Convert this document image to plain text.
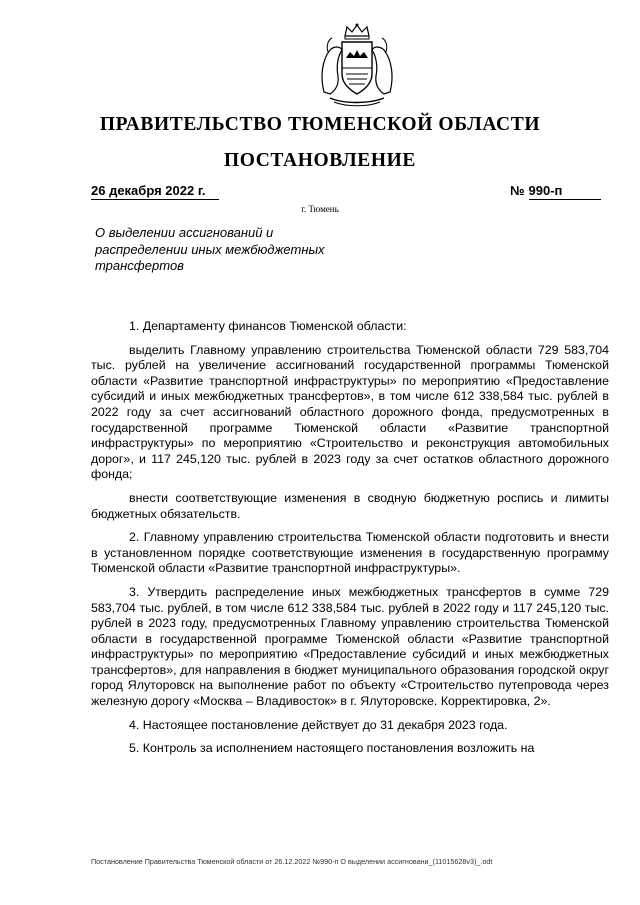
ПРАВИТЕЛЬСТВО ТЮМЕНСКОЙ ОБЛАСТИ
ПОСТАНОВЛЕНИЕ
26 декабря 2022 г.	№ 990-п
г. Тюмень
О выделении ассигнований и
распределении иных межбюджетных
трансфертов

1. Департаменту финансов Тюменской области:

выделить Главному управлению строительства Тюменской области 729 583,704 тыс. рублей на увеличение ассигнований государственной программы Тюменской области «Развитие транспортной инфраструктуры» по мероприятию «Предоставление субсидий и иных межбюджетных трансфертов», в том числе 612 338,584 тыс. рублей в 2022 году за счет ассигнований областного дорожного фонда, предусмотренных в государственной программе Тюменской области «Развитие транспортной инфраструктуры» по мероприятию «Строительство и реконструкция автомобильных дорог», и 117 245,120 тыс. рублей в 2023 году за счет остатков областного дорожного фонда;

внести соответствующие изменения в сводную бюджетную роспись и лимиты бюджетных обязательств.

2. Главному управлению строительства Тюменской области подготовить и внести в установленном порядке соответствующие изменения в государственную программу Тюменской области «Развитие транспортной инфраструктуры».

3. Утвердить распределение иных межбюджетных трансфертов в сумме 729 583,704 тыс. рублей, в том числе 612 338,584 тыс. рублей в 2022 году и 117 245,120 тыс. рублей в 2023 году, предусмотренных Главному управлению строительства Тюменской области в государственной программе Тюменской области «Развитие транспортной инфраструктуры» по мероприятию «Предоставление субсидий и иных межбюджетных трансфертов», для направления в бюджет муниципального образования городской округ город Ялуторовск на выполнение работ по объекту «Строительство путепровода через железную дорогу «Москва – Владивосток» в г. Ялуторовске. Корректировка, 2».

4. Настоящее постановление действует до 31 декабря 2023 года.

5. Контроль за исполнением настоящего постановления возложить на

Постановление Правительства Тюменской области от 26.12.2022 №990-п О выделении ассигновани_(11015628v3)_.odt
